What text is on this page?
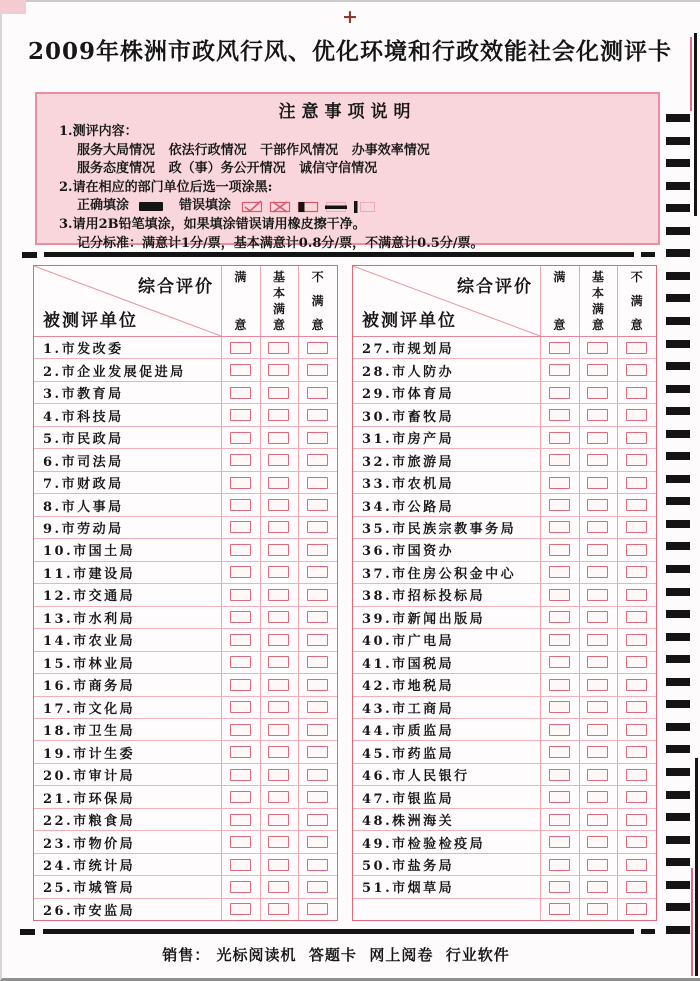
+
2009年株洲市政风行风、优化环境和行政效能社会化测评卡
注意事项说明
1.测评内容：
服务大局情况   依法行政情况   干部作风情况   办事效率情况
服务态度情况   政（事）务公开情况   诚信守信情况
2.请在相应的部门单位后选一项涂黑:
正确填涂	错误填涂
3.请用2B铅笔填涂，如果填涂错误请用橡皮擦干净。
记分标准：满意计1分/票，基本满意计0.8分/票，不满意计0.5分/票。
综合评价
被测评单位
满
意
基
本
满
意
不
满
意
1.市发改委
2.市企业发展促进局
3.市教育局
4.市科技局
5.市民政局
6.市司法局
7.市财政局
8.市人事局
9.市劳动局
10.市国土局
11.市建设局
12.市交通局
13.市水利局
14.市农业局
15.市林业局
16.市商务局
17.市文化局
18.市卫生局
19.市计生委
20.市审计局
21.市环保局
22.市粮食局
23.市物价局
24.市统计局
25.市城管局
26.市安监局
综合评价
被测评单位
满
意
基
本
满
意
不
满
意
27.市规划局
28.市人防办
29.市体育局
30.市畜牧局
31.市房产局
32.市旅游局
33.市农机局
34.市公路局
35.市民族宗教事务局
36.市国资办
37.市住房公积金中心
38.市招标投标局
39.市新闻出版局
40.市广电局
41.市国税局
42.市地税局
43.市工商局
44.市质监局
45.市药监局
46.市人民银行
47.市银监局
48.株洲海关
49.市检验检疫局
50.市盐务局
51.市烟草局
销售： 光标阅读机  答题卡  网上阅卷  行业软件
